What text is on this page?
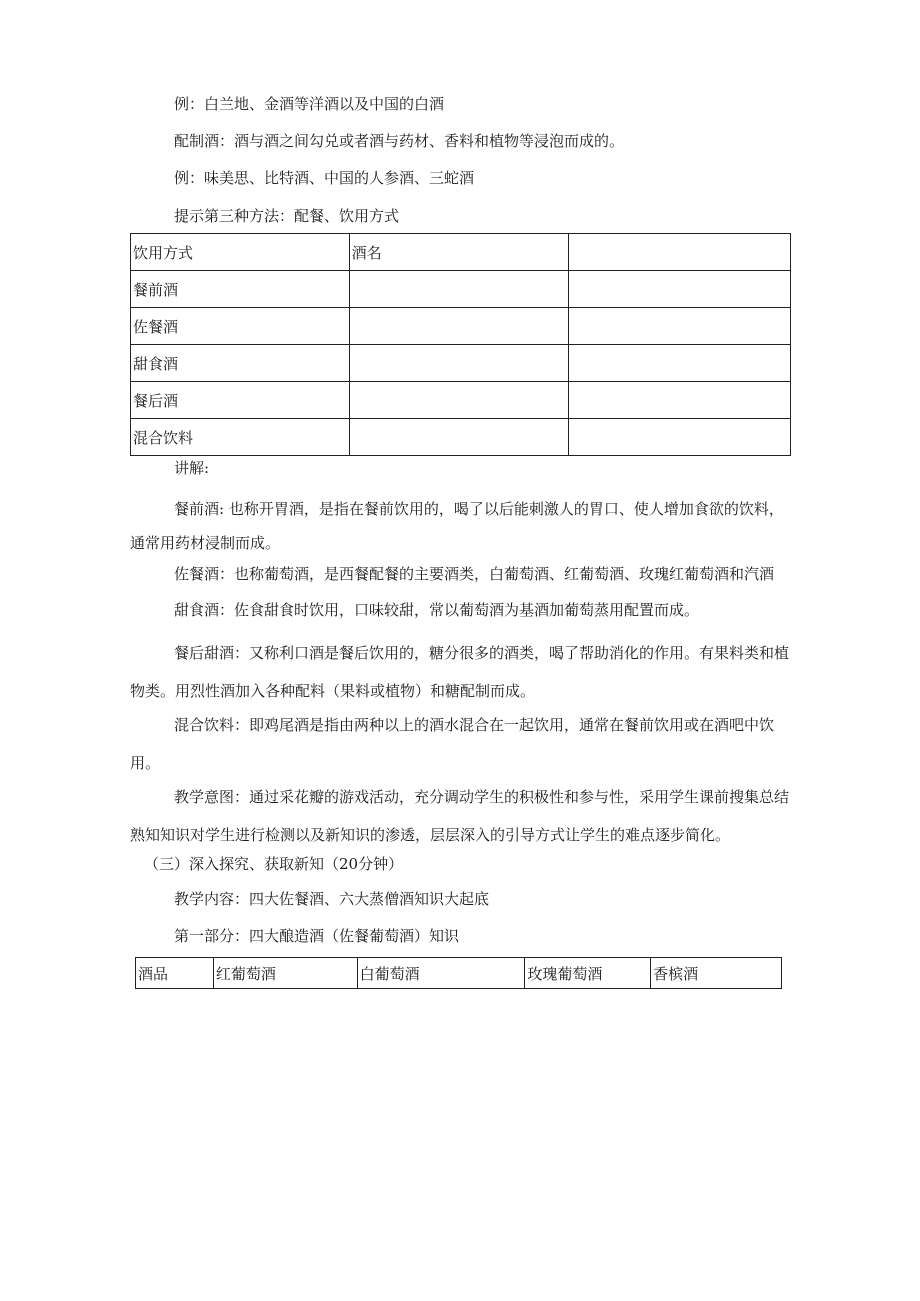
例：白兰地、金酒等洋酒以及中国的白酒
配制酒：酒与酒之间勾兑或者酒与药材、香料和植物等浸泡而成的。
例：味美思、比特酒、中国的人参酒、三蛇酒
提示第三种方法：配餐、饮用方式
饮用方式	酒名	
餐前酒		
佐餐酒		
甜食酒		
餐后酒		
混合饮料		
讲解:

餐前酒: 也称开胃酒，是指在餐前饮用的，喝了以后能刺激人的胃口、使人增加食欲的饮料，通常用药材浸制而成。

佐餐酒：也称葡萄酒，是西餐配餐的主要酒类，白葡萄酒、红葡萄酒、玫瑰红葡萄酒和汽酒

甜食酒：佐食甜食时饮用，口味较甜，常以葡萄酒为基酒加葡萄蒸用配置而成。

餐后甜酒：又称利口酒是餐后饮用的，糖分很多的酒类，喝了帮助消化的作用。有果料类和植物类。用烈性酒加入各种配料（果料或植物）和糖配制而成。

混合饮料：即鸡尾酒是指由两种以上的酒水混合在一起饮用，通常在餐前饮用或在酒吧中饮用。

教学意图：通过采花瓣的游戏活动，充分调动学生的积极性和参与性，采用学生课前搜集总结熟知知识对学生进行检测以及新知识的渗透，层层深入的引导方式让学生的难点逐步简化。

（三）深入探究、获取新知（20分钟）
教学内容：四大佐餐酒、六大蒸僧酒知识大起底
第一部分：四大酿造酒（佐餐葡萄酒）知识
酒品	红葡萄酒	白葡萄酒	玫瑰葡萄酒	香槟酒
